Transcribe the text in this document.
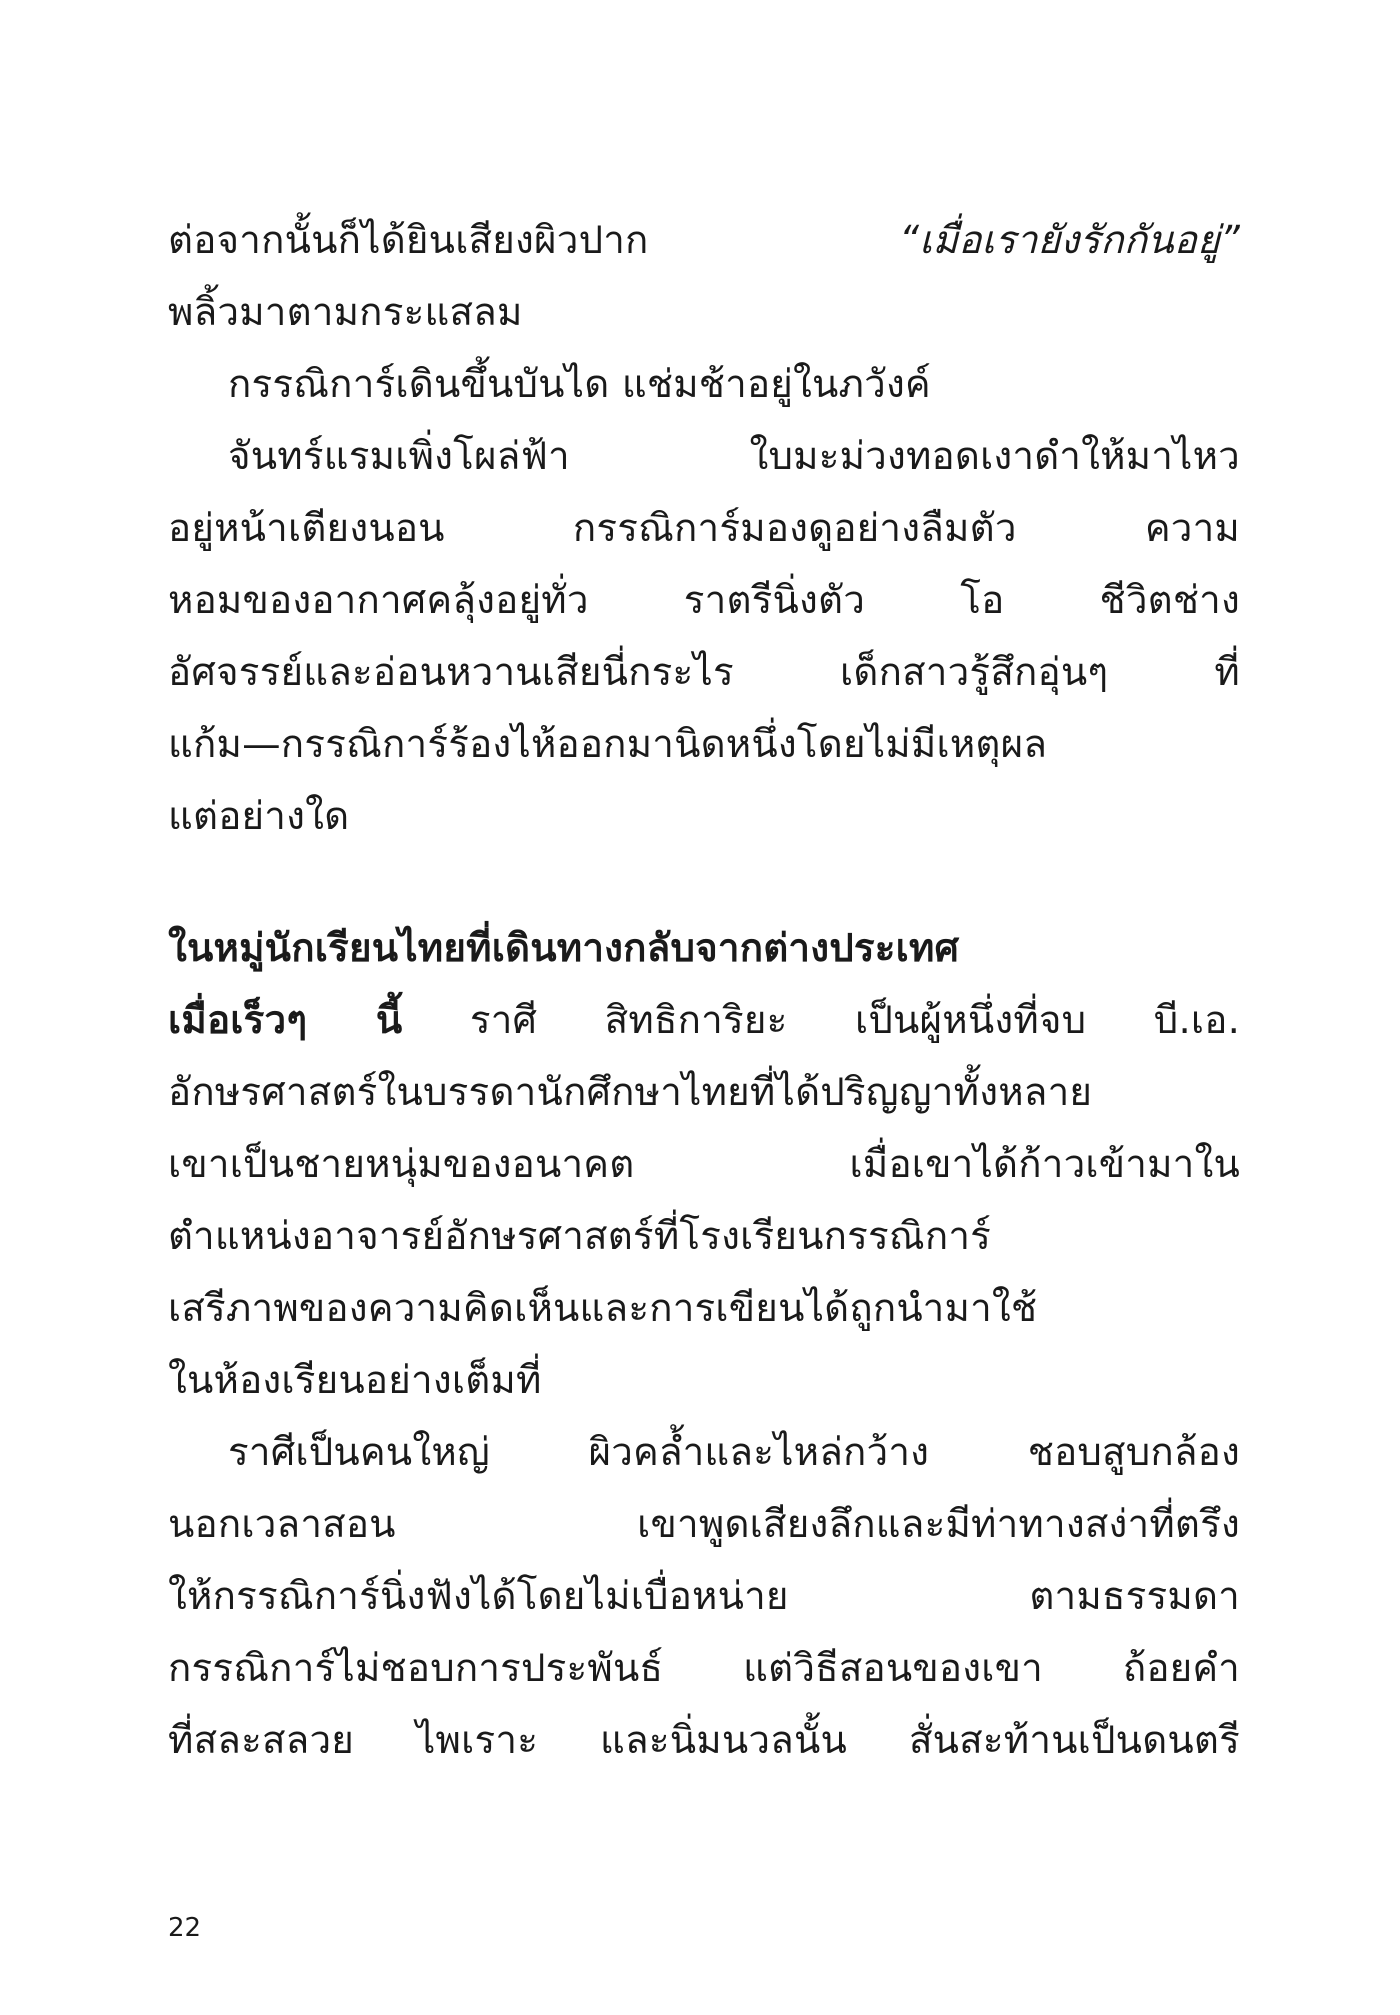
ต่อจากนั้นก็ได้ยินเสียงผิวปาก “เมื่อเรายังรักกันอยู่”
พลิ้วมาตามกระแสลม
กรรณิการ์เดินขึ้นบันได แช่มช้าอยู่ในภวังค์
จันทร์แรมเพิ่งโผล่ฟ้า ใบมะม่วงทอดเงาดำให้มาไหว
อยู่หน้าเตียงนอน กรรณิการ์มองดูอย่างลืมตัว ความ
หอมของอากาศคลุ้งอยู่ทั่ว ราตรีนิ่งตัว โอ ชีวิตช่าง
อัศจรรย์และอ่อนหวานเสียนี่กระไร เด็กสาวรู้สึกอุ่นๆ ที่
แก้ม—กรรณิการ์ร้องไห้ออกมานิดหนึ่งโดยไม่มีเหตุผล
แต่อย่างใด
ในหมู่นักเรียนไทยที่เดินทางกลับจากต่างประเทศ
เมื่อเร็วๆ นี้ ราศี สิทธิการิยะ เป็นผู้หนึ่งที่จบ บี.เอ.
อักษรศาสตร์ในบรรดานักศึกษาไทยที่ได้ปริญญาทั้งหลาย
เขาเป็นชายหนุ่มของอนาคต เมื่อเขาได้ก้าวเข้ามาใน
ตำแหน่งอาจารย์อักษรศาสตร์ที่โรงเรียนกรรณิการ์
เสรีภาพของความคิดเห็นและการเขียนได้ถูกนำมาใช้
ในห้องเรียนอย่างเต็มที่
ราศีเป็นคนใหญ่ ผิวคล้ำและไหล่กว้าง ชอบสูบกล้อง
นอกเวลาสอน เขาพูดเสียงลึกและมีท่าทางสง่าที่ตรึง
ให้กรรณิการ์นิ่งฟังได้โดยไม่เบื่อหน่าย ตามธรรมดา
กรรณิการ์ไม่ชอบการประพันธ์ แต่วิธีสอนของเขา ถ้อยคำ
ที่สละสลวย ไพเราะ และนิ่มนวลนั้น สั่นสะท้านเป็นดนตรี
22
